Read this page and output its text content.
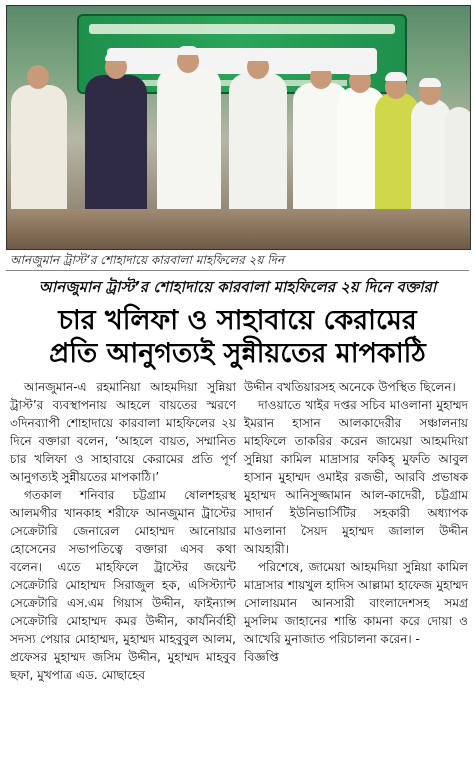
আনজুমান ট্রাস্ট’র শোহাদায়ে কারবালা মাহফিলের ২য় দিন
আনজুমান ট্রাস্ট’র শোহাদায়ে কারবালা মাহফিলের ২য় দিনে বক্তারা
চার খলিফা ও সাহাবায়ে কেরামের
প্রতি আনুগত্যই সুন্নীয়তের মাপকাঠি

আনজুমান-এ রহমানিয়া আহমদিয়া সুন্নিয়া ট্রাস্ট’র ব্যবস্থাপনায় আহলে বায়তের স্মরণে ৩দিনব্যাপী শোহাদায়ে কারবালা মাহফিলের ২য় দিনে বক্তারা বলেন, ‘আহলে বায়ত, সম্মানিত চার খলিফা ও সাহাবায়ে কেরামের প্রতি পূর্ণ আনুগত্যই সুন্নীয়তের মাপকাঠি।’

গতকাল শনিবার চট্টগ্রাম ষোলশহরস্থ আলমগীর খানকাহ শরীফে আনজুমান ট্রাস্টের সেক্রেটারি জেনারেল মোহাম্মদ আনোয়ার হোসেনের সভাপতিত্বে বক্তারা এসব কথা বলেন। এতে মাহফিলে ট্রাস্টের জয়েন্ট সেক্রেটারি মোহাম্মদ সিরাজুল হক, এসিস্ট্যান্ট সেক্রেটারি এস.এম গিয়াস উদ্দীন, ফাইন্যান্স সেক্রেটারি মোহাম্মদ কমর উদ্দীন, কার্যনির্বাহী সদস্য পেয়ার মোহাম্মদ, মুহাম্মদ মাহবুবুল আলম, প্রফেসর মুহাম্মদ জসিম উদ্দীন, মুহাম্মদ মাহবুব ছফা, মুখপাত্র এড. মোছাহেব

উদ্দীন বখতিয়ারসহ অনেকে উপস্থিত ছিলেন।

দাওয়াতে খাইর দপ্তর সচিব মাওলানা মুহাম্মদ ইমরান হাসান আলকাদেরীর সঞ্চালনায় মাহফিলে তাকরির করেন জামেয়া আহমদিয়া সুন্নিয়া কামিল মাদ্রাসার ফকিহ্ মুফতি আবুল হাসান মুহাম্মদ ওমাইর রজভী, আরবি প্রভাষক মুহাম্মদ আনিসুজ্জামান আল-কাদেরী, চট্টগ্রাম সাদার্ন ইউনিভার্সিটির সহকারী অধ্যাপক মাওলানা সৈয়দ মুহাম্মদ জালাল উদ্দীন আযহারী।

পরিশেষে, জামেয়া আহমদিয়া সুন্নিয়া কামিল মাদ্রাসার শায়খুল হাদিস আল্লামা হাফেজ মুহাম্মদ সোলায়মান আনসারী বাংলাদেশসহ সমগ্র মুসলিম জাহানের শান্তি কামনা করে দোয়া ও আখেরি মুনাজাত পরিচালনা করেন। -

বিজ্ঞপ্তি
